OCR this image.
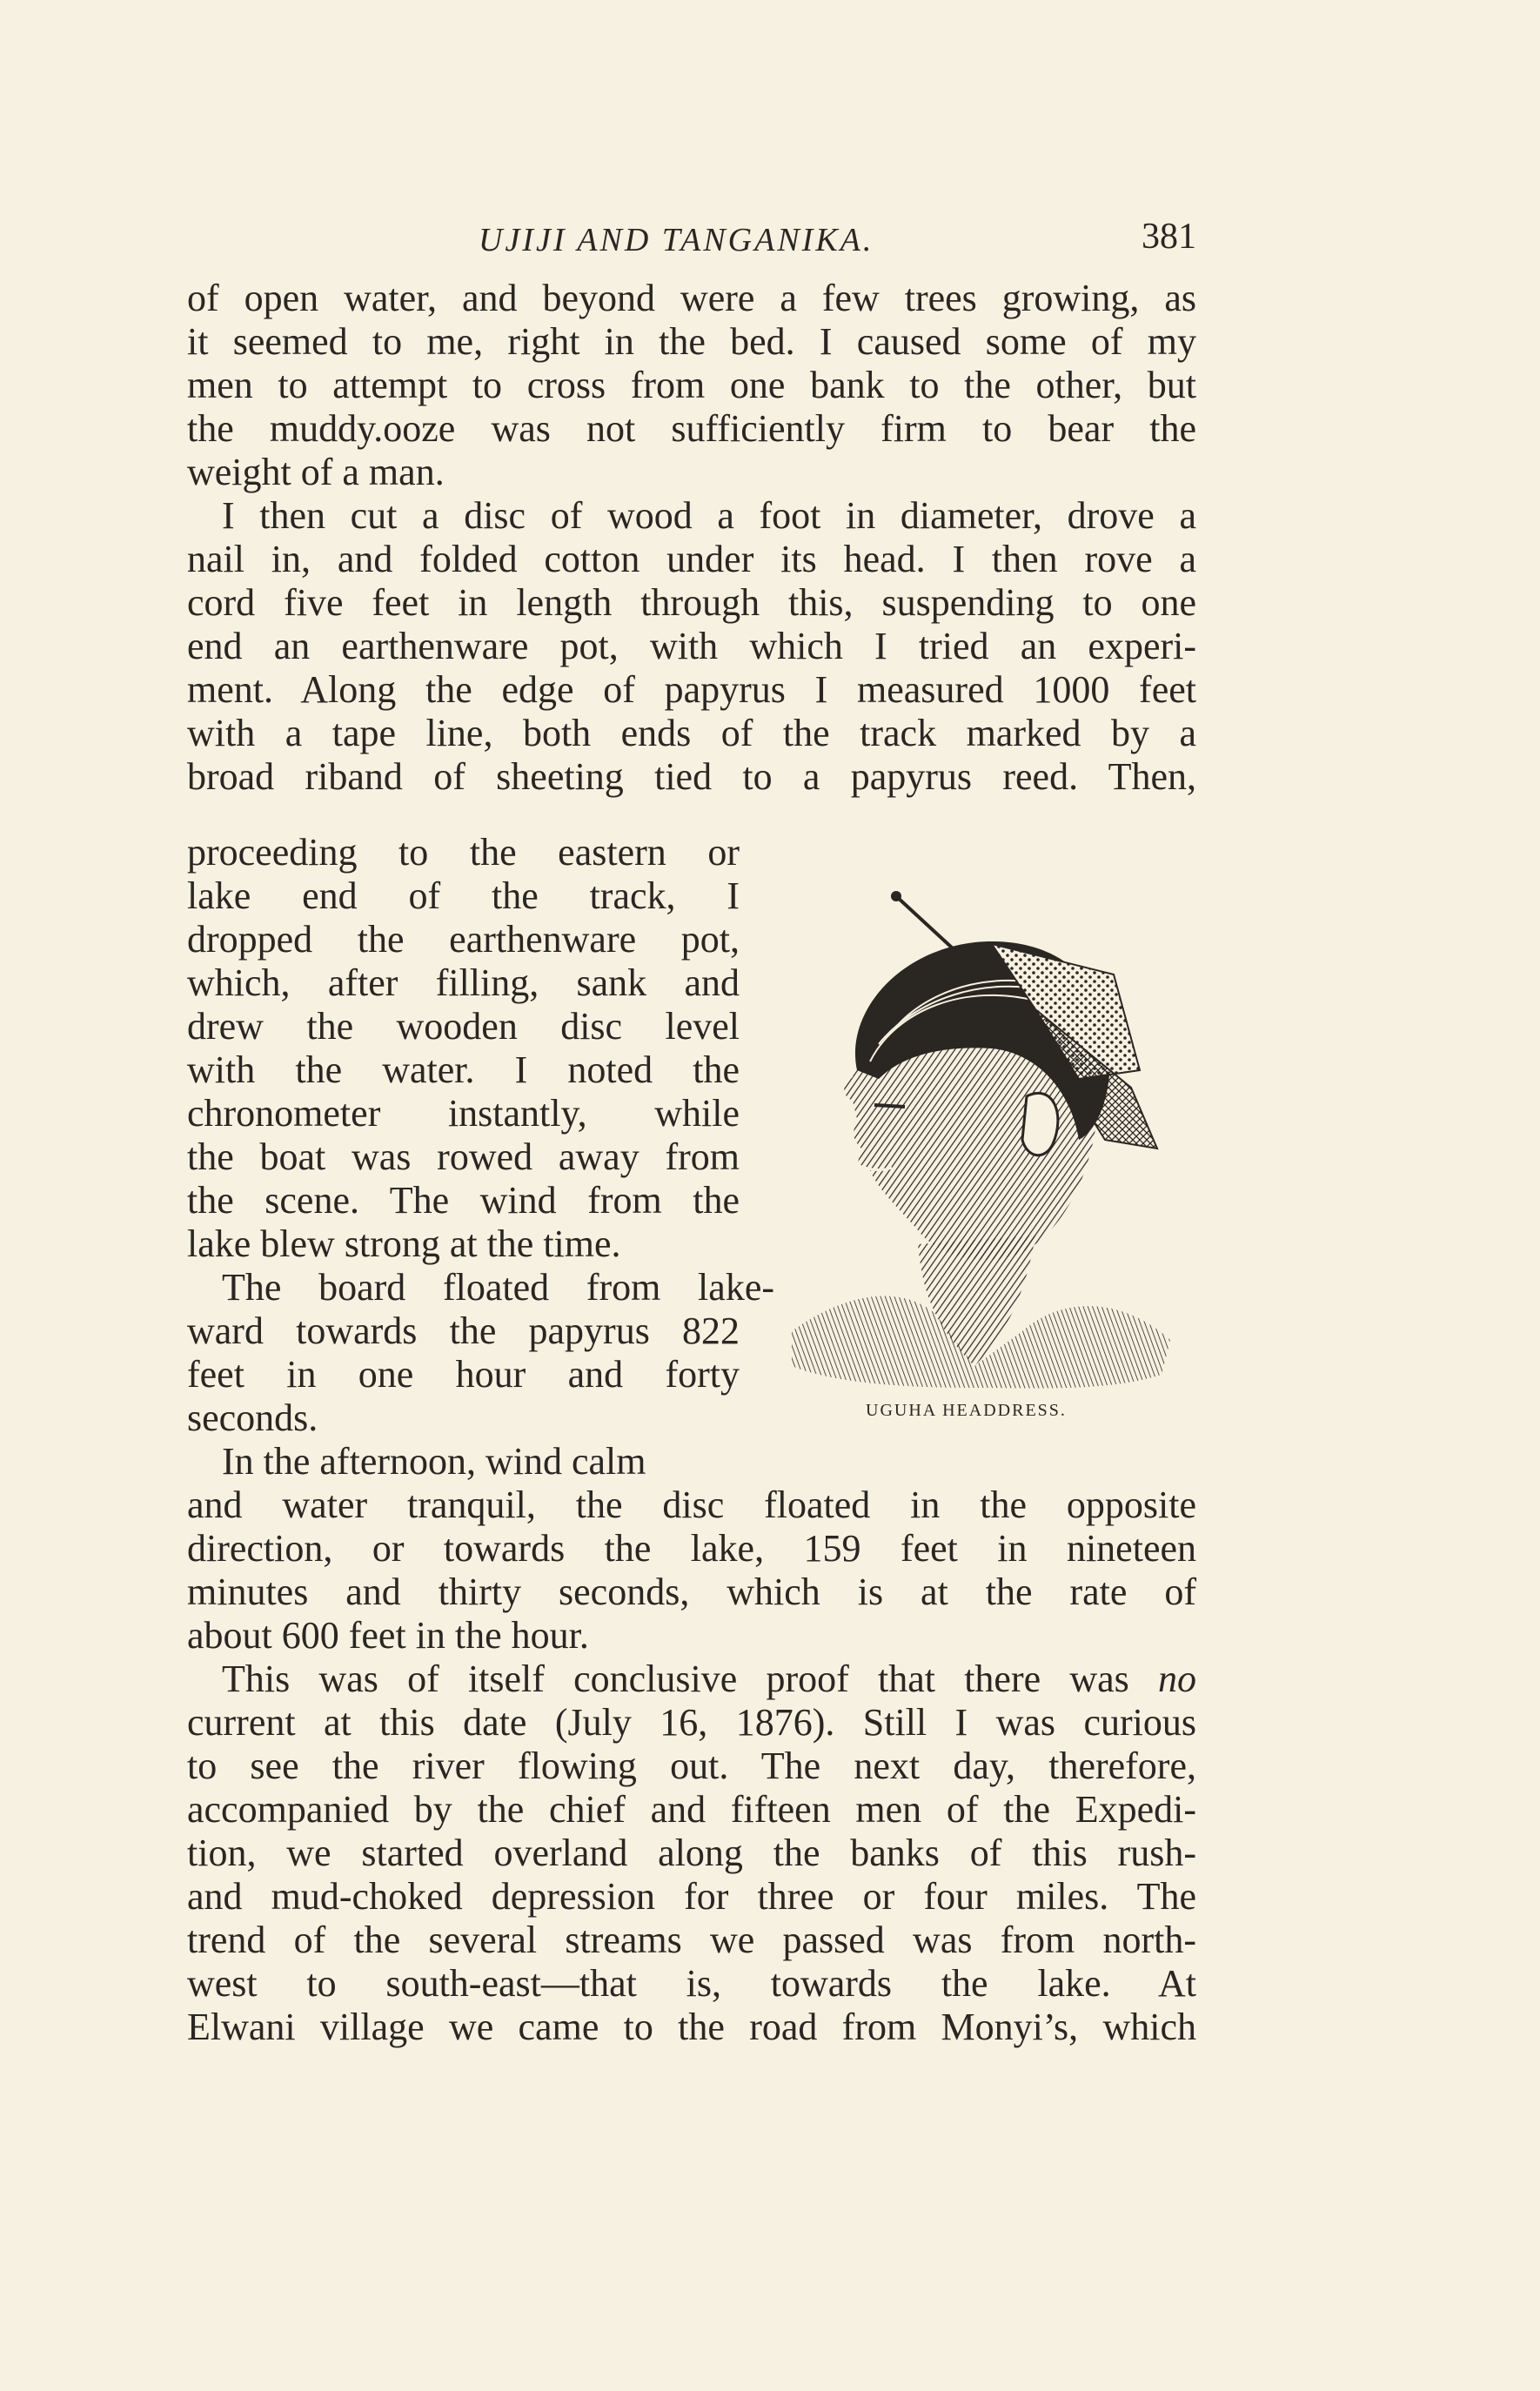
UJIJI AND TANGANIKA.	381
of open water, and beyond were a few trees growing, as
it seemed to me, right in the bed. I caused some of my
men to attempt to cross from one bank to the other, but
the muddy.ooze was not sufficiently firm to bear the
weight of a man.
I then cut a disc of wood a foot in diameter, drove a
nail in, and folded cotton under its head. I then rove a
cord five feet in length through this, suspending to one
end an earthenware pot, with which I tried an experi-
ment. Along the edge of papyrus I measured 1000 feet
with a tape line, both ends of the track marked by a
broad riband of sheeting tied to a papyrus reed. Then,
proceeding to the eastern or
lake end of the track, I
dropped the earthenware pot,
which, after filling, sank and
drew the wooden disc level
with the water. I noted the
chronometer instantly, while
the boat was rowed away from
the scene. The wind from the
lake blew strong at the time.
The board floated from lake-
ward towards the papyrus 822
feet in one hour and forty
seconds.	UGUHA HEADDRESS.
In the afternoon, wind calm
and water tranquil, the disc floated in the opposite
direction, or towards the lake, 159 feet in nineteen
minutes and thirty seconds, which is at the rate of
about 600 feet in the hour.
This was of itself conclusive proof that there was no
current at this date (July 16, 1876). Still I was curious
to see the river flowing out. The next day, therefore,
accompanied by the chief and fifteen men of the Expedi-
tion, we started overland along the banks of this rush-
and mud-choked depression for three or four miles. The
trend of the several streams we passed was from north-
west to south-east—that is, towards the lake. At
Elwani village we came to the road from Monyi’s, which
